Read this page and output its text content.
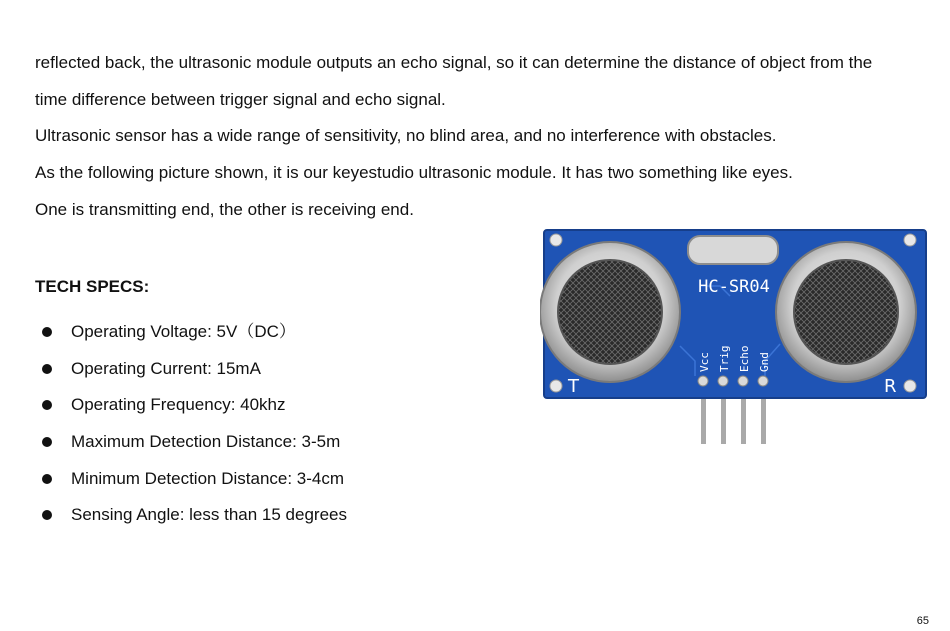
reflected back, the ultrasonic module outputs an echo signal, so it can determine the distance of object from the
time difference between trigger signal and echo signal.
Ultrasonic sensor has a wide range of sensitivity, no blind area, and no interference with obstacles.
As the following picture shown, it is our keyestudio ultrasonic module. It has two something like eyes.
One is transmitting end, the other is receiving end.
TECH SPECS:
Operating Voltage: 5V（DC）
Operating Current: 15mA
Operating Frequency: 40khz
Maximum Detection Distance: 3-5m
Minimum Detection Distance: 3-4cm
Sensing Angle: less than 15 degrees
HC-SR04
Vcc Trig Echo Gnd
T	R
65
